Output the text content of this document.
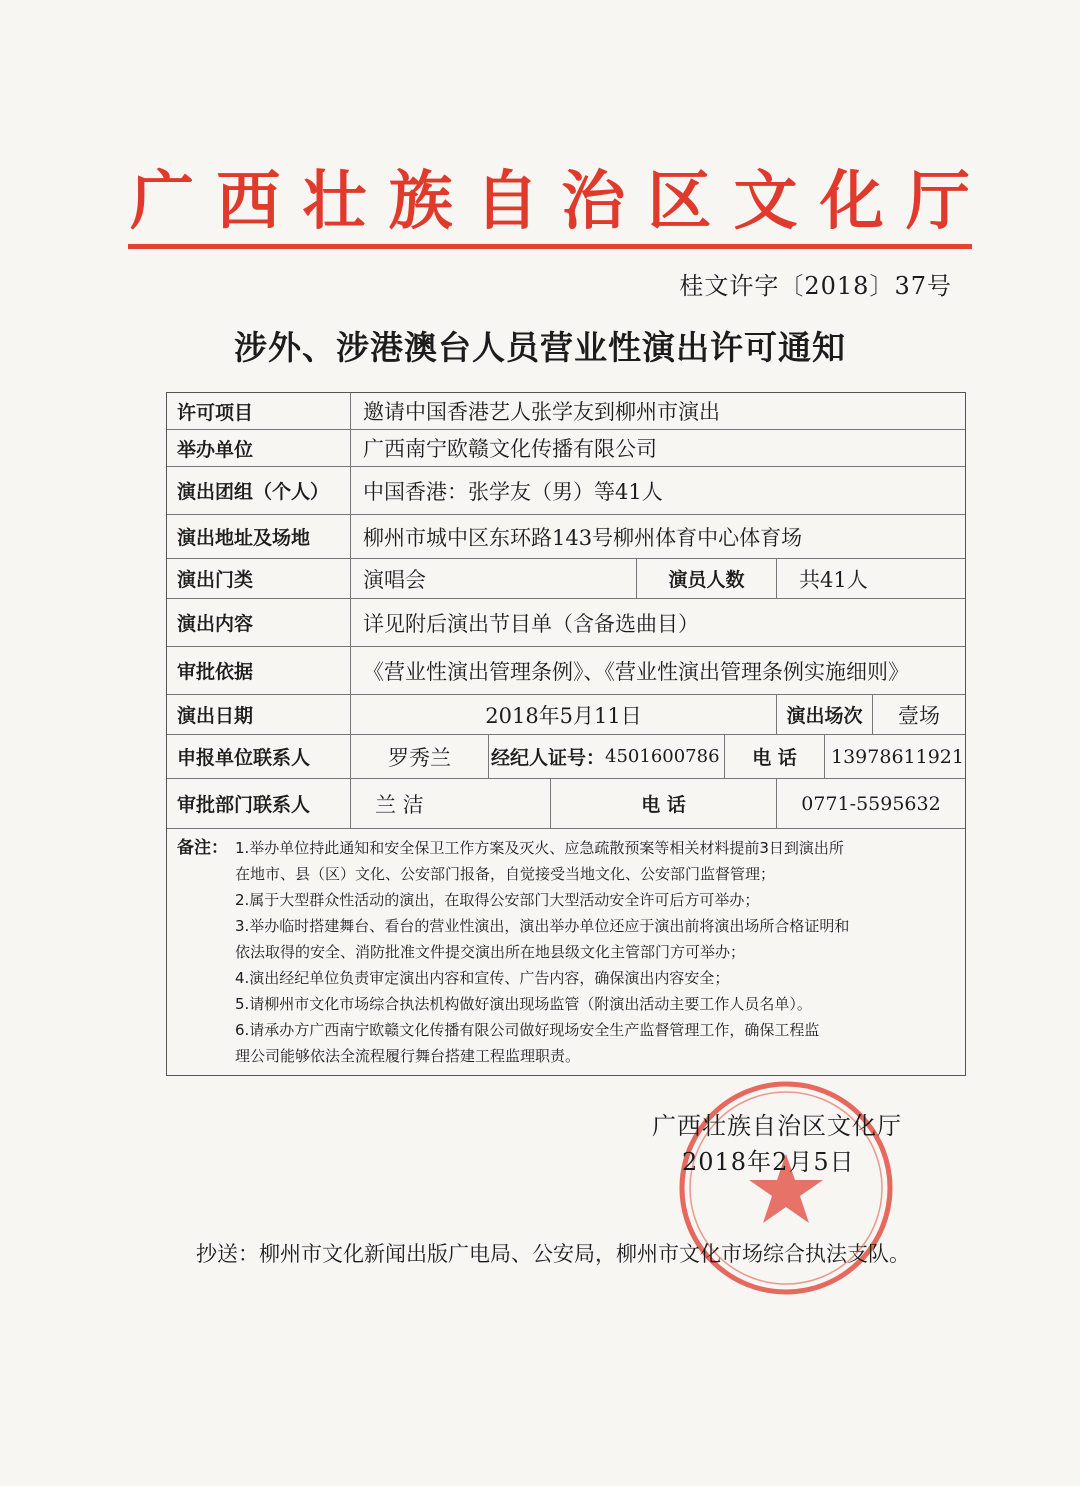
广 西 壮 族 自 治 区 文 化 厅
桂文许字〔2018〕37号
涉外、涉港澳台人员营业性演出许可通知
许可项目	邀请中国香港艺人张学友到柳州市演出
举办单位	广西南宁欧赣文化传播有限公司
演出团组（个人）	中国香港：张学友（男）等41人
演出地址及场地	柳州市城中区东环路143号柳州体育中心体育场
演出门类	演唱会	演员人数	共41人
演出内容	详见附后演出节目单（含备选曲目）
审批依据	《营业性演出管理条例》、《营业性演出管理条例实施细则》
演出日期	2018年5月11日	演出场次	壹场
申报单位联系人	罗秀兰	经纪人证号： 4501600786	电 话	13978611921
审批部门联系人	兰 洁	电 话	0771-5595632
备注： 1.举办单位持此通知和安全保卫工作方案及灭火、应急疏散预案等相关材料提前3日到演出所
在地市、县（区）文化、公安部门报备，自觉接受当地文化、公安部门监督管理；
2.属于大型群众性活动的演出，在取得公安部门大型活动安全许可后方可举办；
3.举办临时搭建舞台、看台的营业性演出，演出举办单位还应于演出前将演出场所合格证明和
依法取得的安全、消防批准文件提交演出所在地县级文化主管部门方可举办；
4.演出经纪单位负责审定演出内容和宣传、广告内容，确保演出内容安全；
5.请柳州市文化市场综合执法机构做好演出现场监管（附演出活动主要工作人员名单）。
6.请承办方广西南宁欧赣文化传播有限公司做好现场安全生产监督管理工作，确保工程监
理公司能够依法全流程履行舞台搭建工程监理职责。
广西壮族自治区文化厅
2018年2月5日
抄送：柳州市文化新闻出版广电局、公安局，柳州市文化市场综合执法支队。
